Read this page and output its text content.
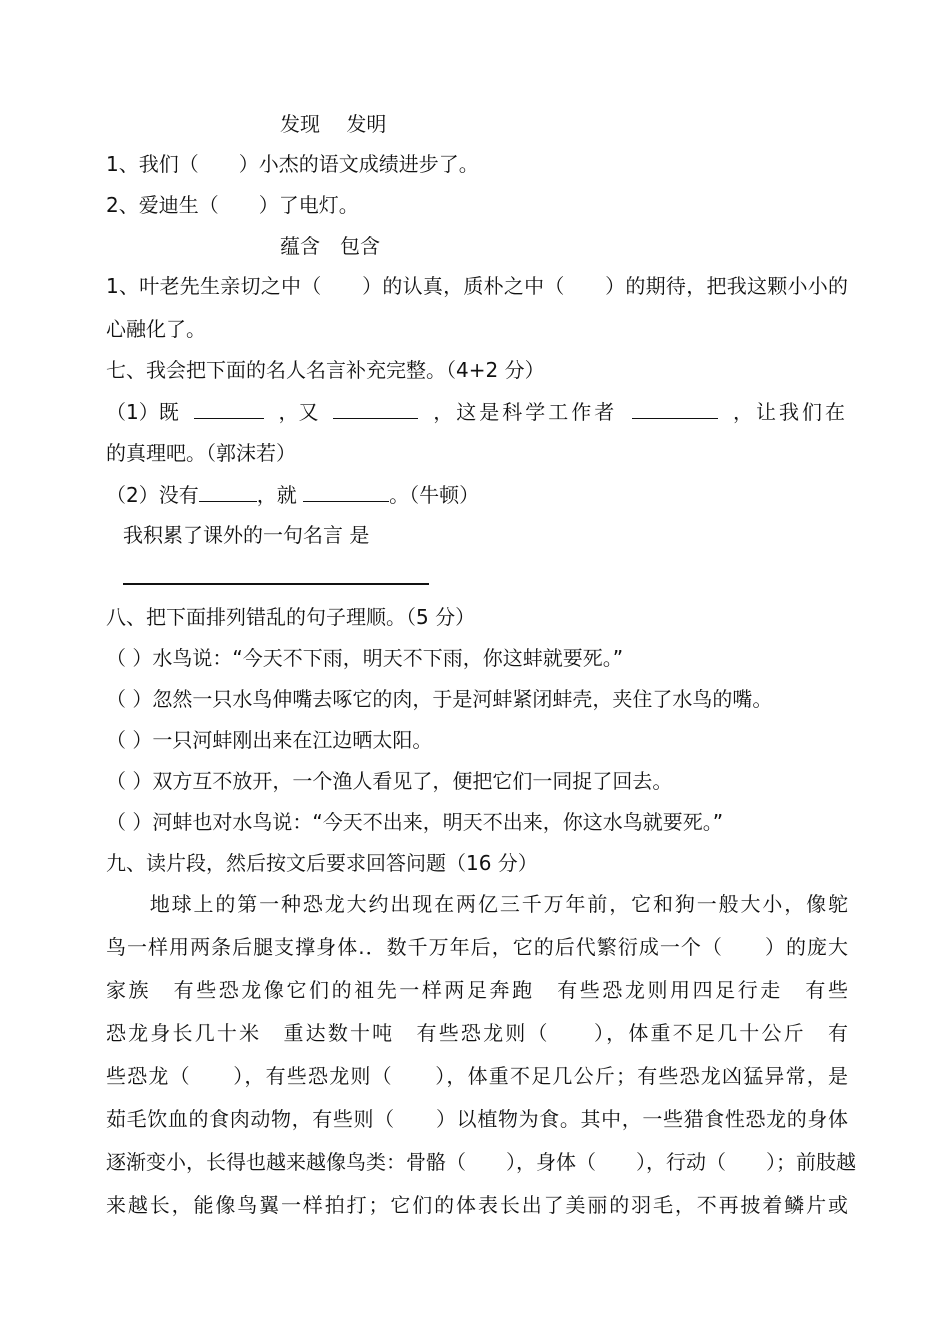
发现　 发明
1、我们（　　）小杰的语文成绩进步了。
2、爱迪生（　　）了电灯。
蕴含　包含
1、叶老先生亲切之中（　　）的认真，质朴之中（　　）的期待，把我这颗小小的
心融化了。
七、我会把下面的名人名言补充完整。（4+2 分）
（1）既	，又	，这是科学工作者	，让我们在
的真理吧。（郭沫若）
（2）没有	，就	。（牛顿）
我积累了课外的一句名言 是
八、把下面排列错乱的句子理顺。（5 分）
（ ）水鸟说：“今天不下雨，明天不下雨，你这蚌就要死。”
（ ）忽然一只水鸟伸嘴去啄它的肉，于是河蚌紧闭蚌壳，夹住了水鸟的嘴。
（ ）一只河蚌刚出来在江边晒太阳。
（ ）双方互不放开，一个渔人看见了，便把它们一同捉了回去。
（ ）河蚌也对水鸟说：“今天不出来，明天不出来，你这水鸟就要死。”
九、读片段，然后按文后要求回答问题（16 分）
　　地球上的第一种恐龙大约出现在两亿三千万年前，它和狗一般大小，像鸵
鸟一样用两条后腿支撑身体.．数千万年后，它的后代繁衍成一个（　　）的庞大
家族　有些恐龙像它们的祖先一样两足奔跑　有些恐龙则用四足行走　有些
恐龙身长几十米　重达数十吨　有些恐龙则（　　），体重不足几十公斤　有
些恐龙（　　），有些恐龙则（　　），体重不足几公斤；有些恐龙凶猛异常，是
茹毛饮血的食肉动物，有些则（　　）以植物为食。其中，一些猎食性恐龙的身体
逐渐变小，长得也越来越像鸟类：骨骼（　　），身体（　　），行动（　　）；前肢越
来越长，能像鸟翼一样拍打；它们的体表长出了美丽的羽毛，不再披着鳞片或
